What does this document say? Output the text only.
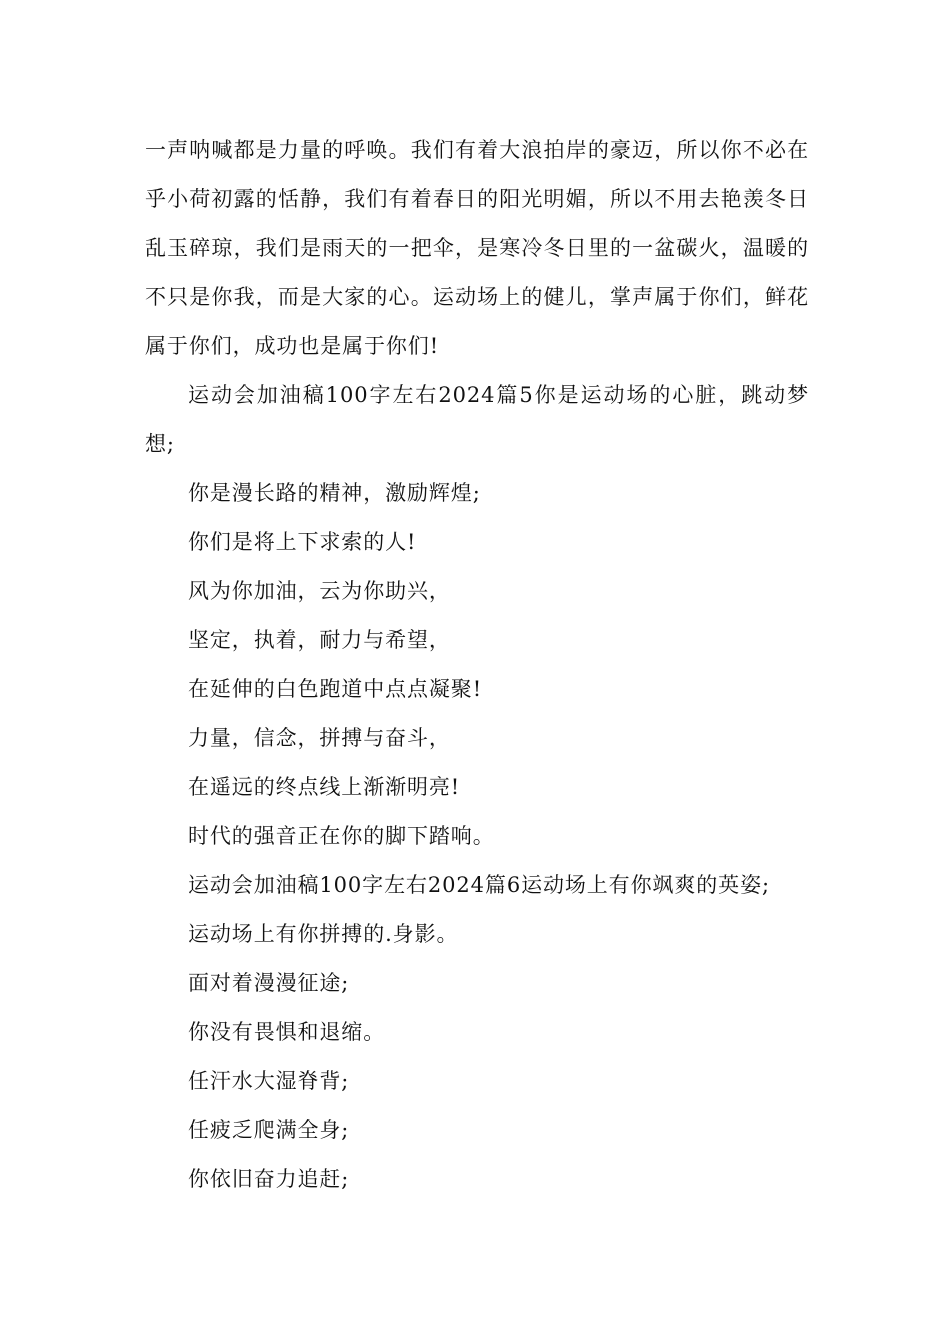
一声呐喊都是力量的呼唤。我们有着大浪拍岸的豪迈，所以你不必在乎小荷初露的恬静，我们有着春日的阳光明媚，所以不用去艳羡冬日乱玉碎琼，我们是雨天的一把伞，是寒冷冬日里的一盆碳火，温暖的不只是你我，而是大家的心。运动场上的健儿，掌声属于你们，鲜花属于你们，成功也是属于你们!

运动会加油稿100字左右2024篇5你是运动场的心脏，跳动梦想;

你是漫长路的精神，激励辉煌;

你们是将上下求索的人!

风为你加油，云为你助兴，

坚定，执着，耐力与希望，

在延伸的白色跑道中点点凝聚!

力量，信念，拼搏与奋斗，

在遥远的终点线上渐渐明亮!

时代的强音正在你的脚下踏响。

运动会加油稿100字左右2024篇6运动场上有你飒爽的英姿;

运动场上有你拼搏的.身影。

面对着漫漫征途;

你没有畏惧和退缩。

任汗水大湿脊背;

任疲乏爬满全身;

你依旧奋力追赶;
